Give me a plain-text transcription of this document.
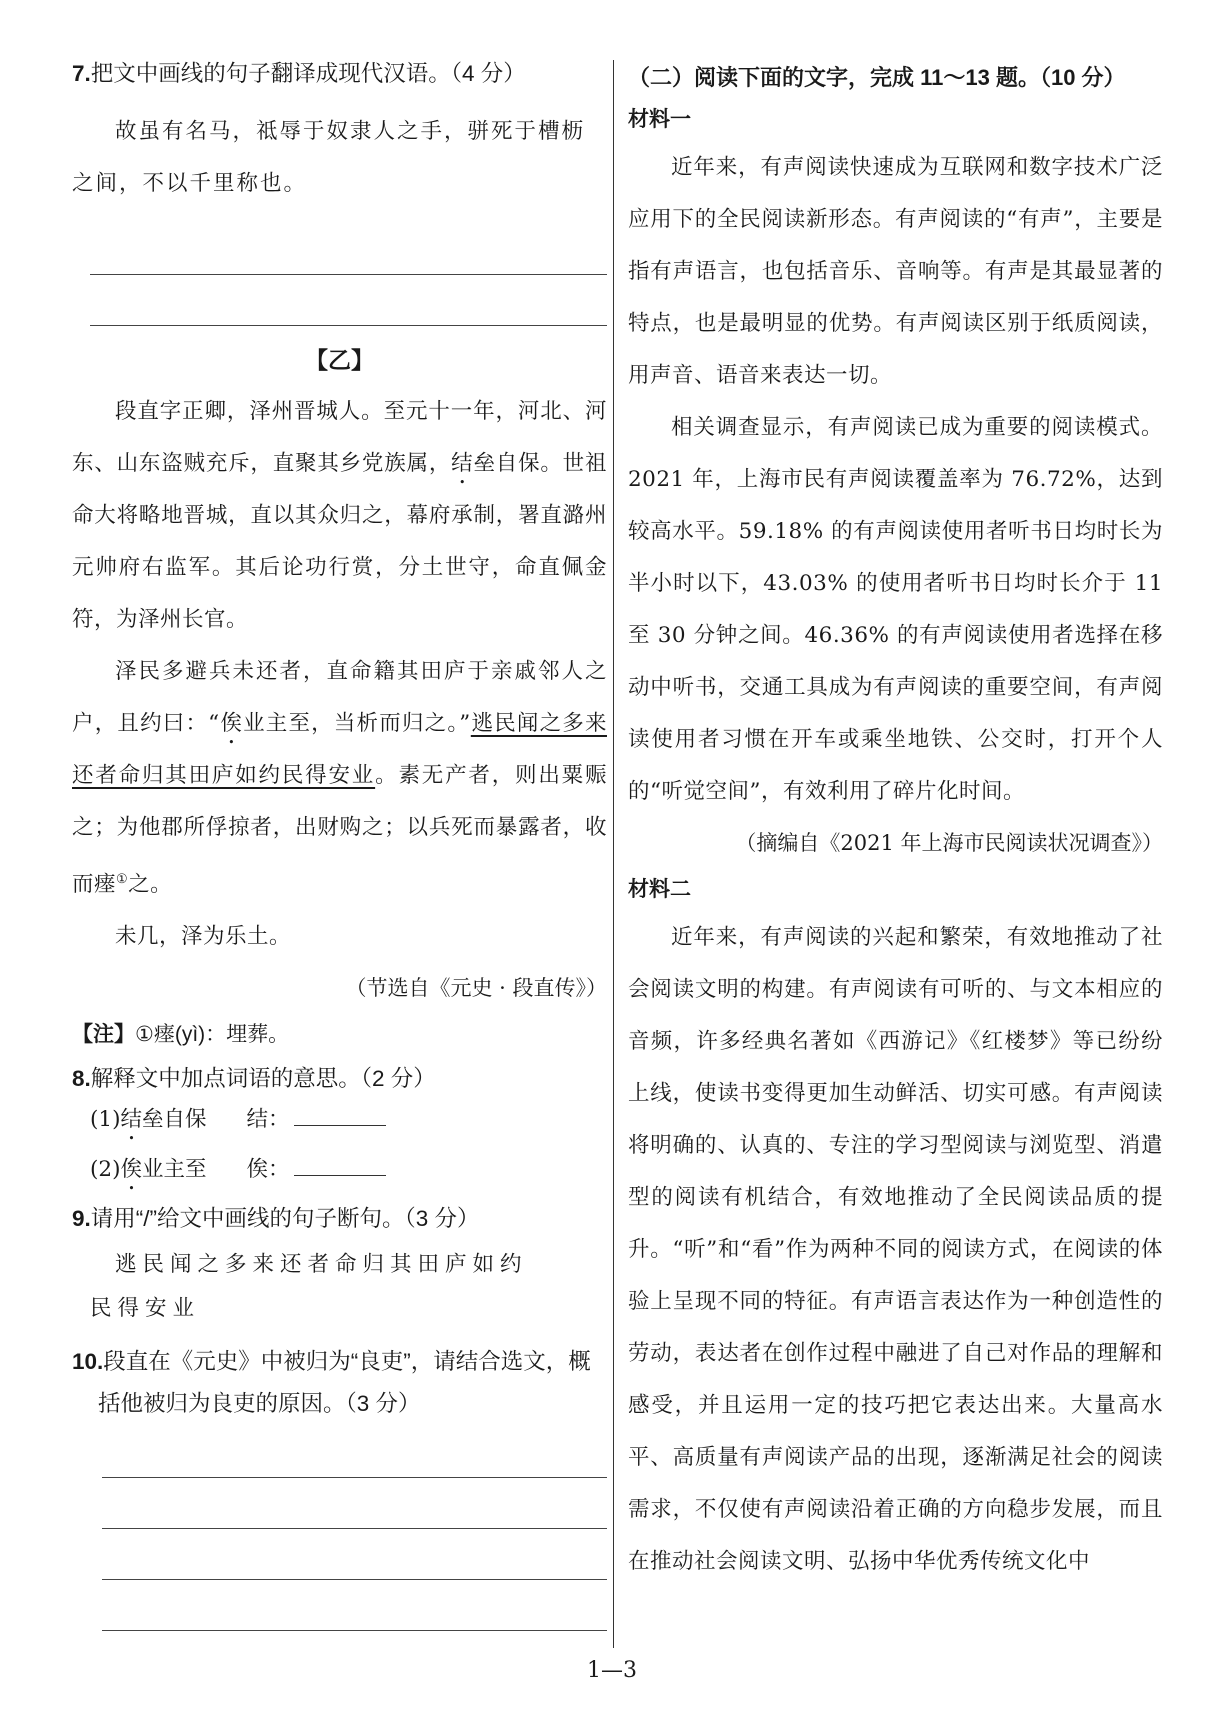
7.把文中画线的句子翻译成现代汉语。（4 分）

故虽有名马，祗辱于奴隶人之手，骈死于槽枥之间，不以千里称也。

【乙】

段直字正卿，泽州晋城人。至元十一年，河北、河东、山东盗贼充斥，直聚其乡党族属，结垒自保。世祖命大将略地晋城，直以其众归之，幕府承制，署直潞州元帅府右监军。其后论功行赏，分土世守，命直佩金符，为泽州长官。

泽民多避兵未还者，直命籍其田庐于亲戚邻人之户，且约曰：“俟业主至，当析而归之。”逃民闻之多来还者命归其田庐如约民得安业。素无产者，则出粟赈之；为他郡所俘掠者，出财购之；以兵死而暴露者，收而瘗①之。

未几，泽为乐土。

（节选自《元史 · 段直传》）

【注】①瘗(yì)：埋葬。

8.解释文中加点词语的意思。（2 分）

(1)结垒自保 结：

(2)俟业主至 俟：

9.请用“/”给文中画线的句子断句。（3 分）

逃民闻之多来还者命归其田庐如约

民得安业

10.段直在《元史》中被归为“良吏”，请结合选文，概括他被归为良吏的原因。（3 分）

（二）阅读下面的文字，完成 11～13 题。（10 分）

材料一

近年来，有声阅读快速成为互联网和数字技术广泛应用下的全民阅读新形态。有声阅读的“有声”，主要是指有声语言，也包括音乐、音响等。有声是其最显著的特点，也是最明显的优势。有声阅读区别于纸质阅读，用声音、语音来表达一切。

相关调查显示，有声阅读已成为重要的阅读模式。2021 年，上海市民有声阅读覆盖率为 76.72%，达到较高水平。59.18% 的有声阅读使用者听书日均时长为半小时以下，43.03% 的使用者听书日均时长介于 11 至 30 分钟之间。46.36% 的有声阅读使用者选择在移动中听书，交通工具成为有声阅读的重要空间，有声阅读使用者习惯在开车或乘坐地铁、公交时，打开个人的“听觉空间”，有效利用了碎片化时间。

（摘编自《2021 年上海市民阅读状况调查》）

材料二

近年来，有声阅读的兴起和繁荣，有效地推动了社会阅读文明的构建。有声阅读有可听的、与文本相应的音频，许多经典名著如《西游记》《红楼梦》等已纷纷上线，使读书变得更加生动鲜活、切实可感。有声阅读将明确的、认真的、专注的学习型阅读与浏览型、消遣型的阅读有机结合，有效地推动了全民阅读品质的提升。“听”和“看”作为两种不同的阅读方式，在阅读的体验上呈现不同的特征。有声语言表达作为一种创造性的劳动，表达者在创作过程中融进了自己对作品的理解和感受，并且运用一定的技巧把它表达出来。大量高水平、高质量有声阅读产品的出现，逐渐满足社会的阅读需求，不仅使有声阅读沿着正确的方向稳步发展，而且在推动社会阅读文明、弘扬中华优秀传统文化中

1—3
